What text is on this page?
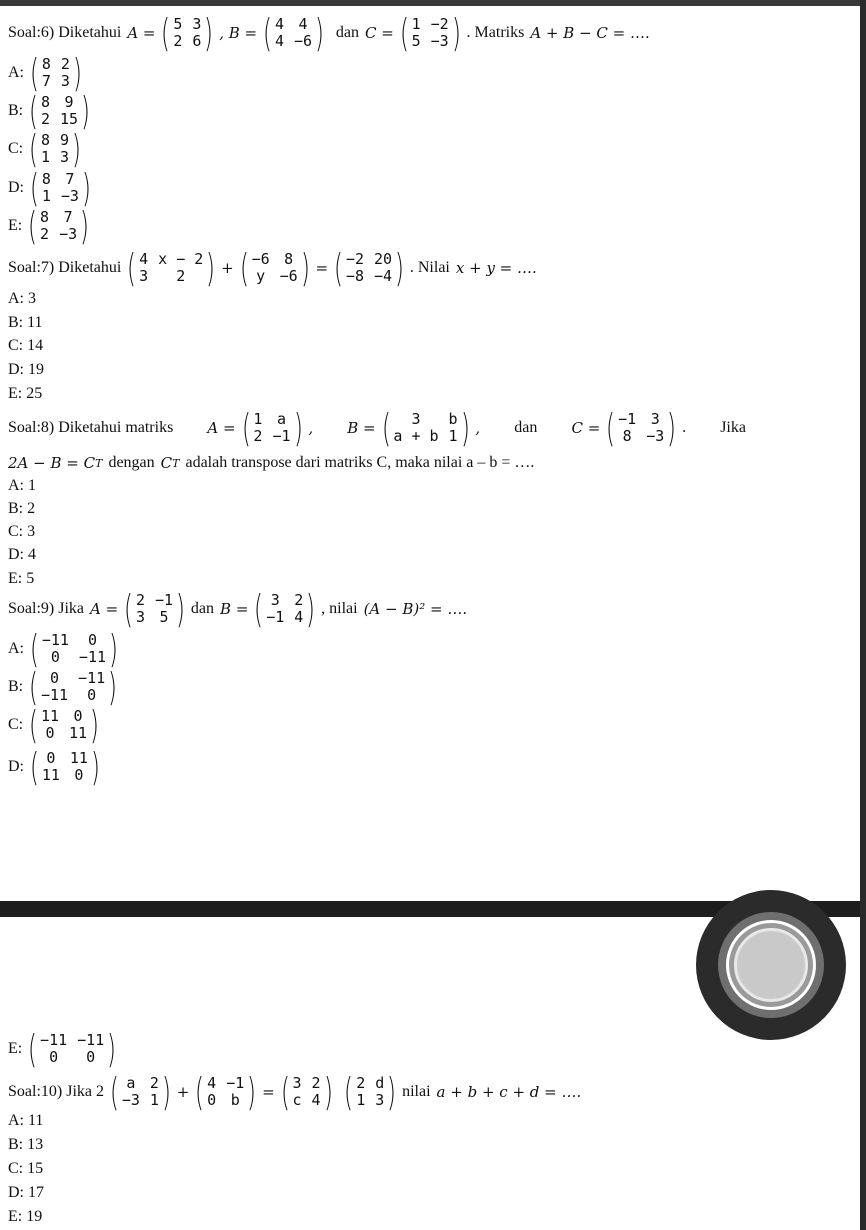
Soal:6) Diketahui A = ( 5 3
2 6 ) , B = ( 4 4
4 −6 ) dan C = ( 1 −2
5 −3 ) . Matriks A + B − C = ….
A: ( 8 2
7 3 )
B: ( 8 9
2 15 )
C: ( 8 9
1 3 )
D: ( 8 7
1 −3 )
E: ( 8 7
2 −3 )
Soal:7) Diketahui ( 4 x − 2
3	2 ) + ( −6 8
y −6 ) = ( −2 20
−8 −4 ) . Nilai x + y = ….
A: 3
B: 11
C: 14
D: 19
E: 25
Soal:8) Diketahui matriks A = ( 1 a
2 −1 ) , B = (	3	b
a + b 1 ) , dan C = ( −1 3
8 −3 ) . Jika
2A − B = C T dengan C T adalah transpose dari matriks C, maka nilai a – b = ….
A: 1
B: 2
C: 3
D: 4
E: 5
Soal:9) Jika A = ( 2 −1
3 5 ) dan B = ( 3 2
−1 4 ) , nilai (A − B)² = ….
A: ( −11	0
0	−11 )
B: ( 0	−11
−11	0 )
C: ( 11 0
0 11 )
D: ( 0 11
11 0 )
E: ( −11 −11
0	0 )
Soal:10) Jika 2 ( a 2
−3 1 ) + ( 4 −1
0 b ) = ( 3 2
c 4 ) ( 2 d
1 3 ) nilai a + b + c + d = ….
A: 11
B: 13
C: 15
D: 17
E: 19
